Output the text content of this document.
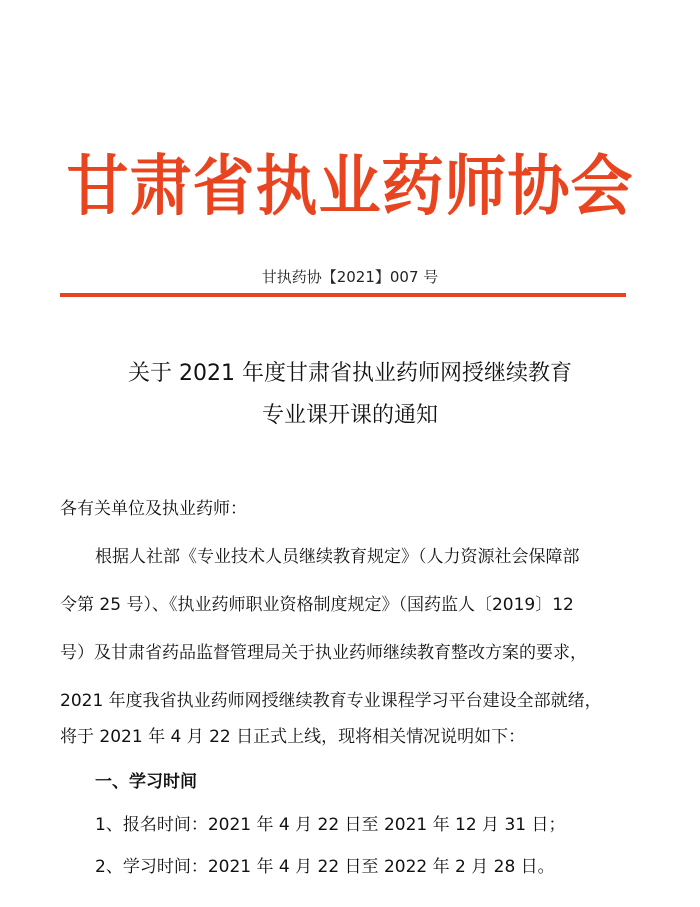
甘肃省执业药师协会
甘执药协【2021】007 号
关于 2021 年度甘肃省执业药师网授继续教育
专业课开课的通知
各有关单位及执业药师：
根据人社部《专业技术人员继续教育规定》（人力资源社会保障部
令第 25 号）、《执业药师职业资格制度规定》（国药监人〔2019〕12
号）及甘肃省药品监督管理局关于执业药师继续教育整改方案的要求，
2021 年度我省执业药师网授继续教育专业课程学习平台建设全部就绪，
将于 2021 年 4 月 22 日正式上线，现将相关情况说明如下：
一、学习时间
1、报名时间：2021 年 4 月 22 日至 2021 年 12 月 31 日；
2、学习时间：2021 年 4 月 22 日至 2022 年 2 月 28 日。
